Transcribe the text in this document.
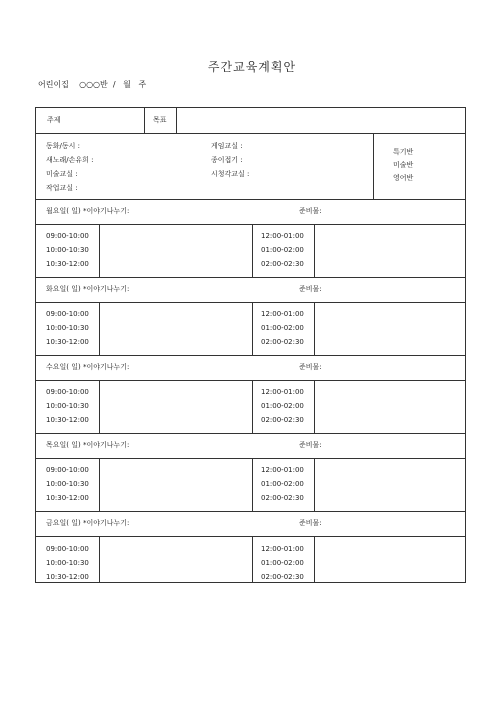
주간교육계획안
어린이집    ○○○반  /   월   주
주제	목표
동화/동시 :
새노래/손유희 :
미술교실 :
작업교실 :
게임교실 :
종이접기 :
시청각교실 :
특기반
미술반
영어반
월요일( 일) *이야기나누기:	준비물:
09:00-10:00
10:00-10:30
10:30-12:00
12:00-01:00
01:00-02:00
02:00-02:30
화요일( 일) *이야기나누기:	준비물:
09:00-10:00
10:00-10:30
10:30-12:00
12:00-01:00
01:00-02:00
02:00-02:30
수요일( 일) *이야기나누기:	준비물:
09:00-10:00
10:00-10:30
10:30-12:00
12:00-01:00
01:00-02:00
02:00-02:30
목요일( 일) *이야기나누기:	준비물:
09:00-10:00
10:00-10:30
10:30-12:00
12:00-01:00
01:00-02:00
02:00-02:30
금요일( 일) *이야기나누기:	준비물:
09:00-10:00
10:00-10:30
10:30-12:00
12:00-01:00
01:00-02:00
02:00-02:30
